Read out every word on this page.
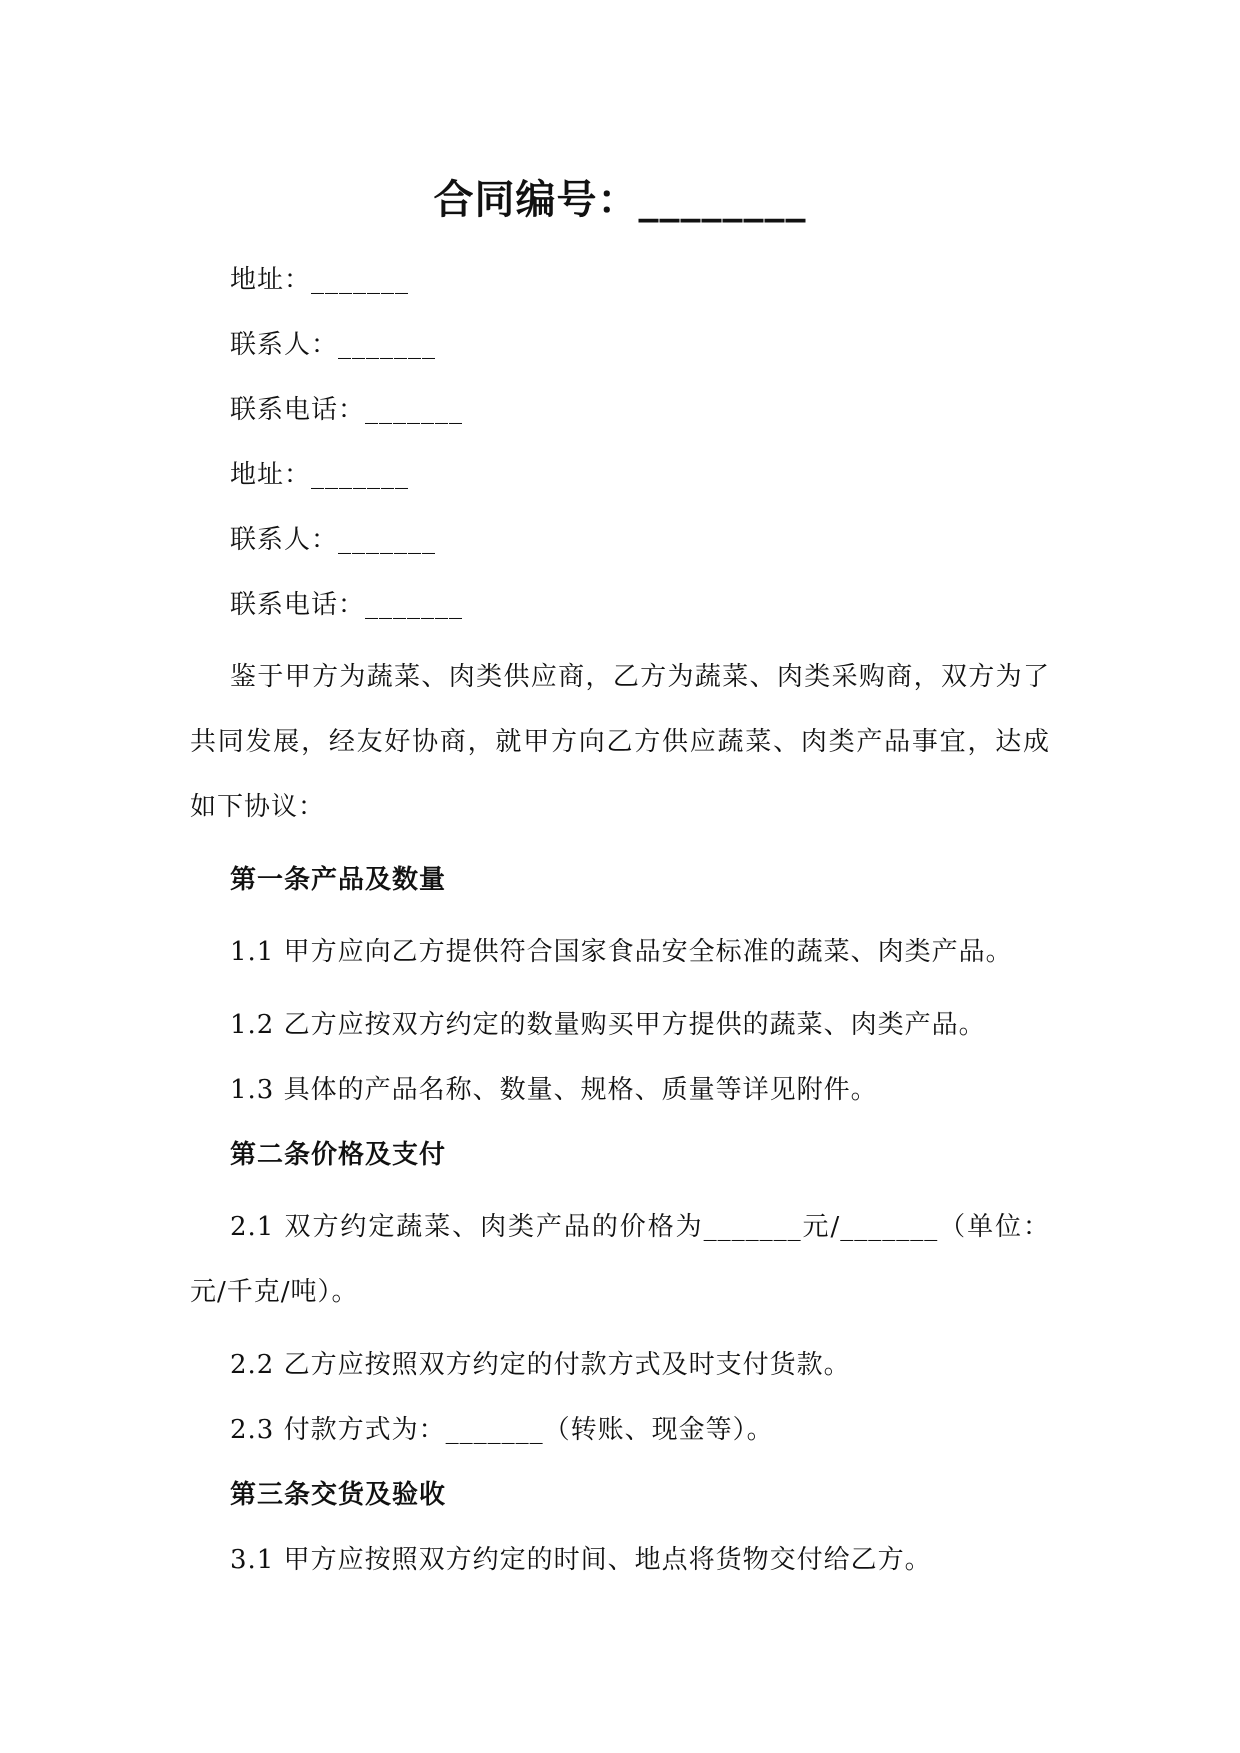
合同编号：________

地址：_______

联系人：_______

联系电话：_______

地址：_______

联系人：_______

联系电话：_______

鉴于甲方为蔬菜、肉类供应商，乙方为蔬菜、肉类采购商，双方为了共同发展，经友好协商，就甲方向乙方供应蔬菜、肉类产品事宜，达成如下协议：

第一条产品及数量

1.1 甲方应向乙方提供符合国家食品安全标准的蔬菜、肉类产品。

1.2 乙方应按双方约定的数量购买甲方提供的蔬菜、肉类产品。

1.3 具体的产品名称、数量、规格、质量等详见附件。

第二条价格及支付

2.1 双方约定蔬菜、肉类产品的价格为_______元/_______（单位：元/千克/吨）。

2.2 乙方应按照双方约定的付款方式及时支付货款。

2.3 付款方式为：_______（转账、现金等）。

第三条交货及验收

3.1 甲方应按照双方约定的时间、地点将货物交付给乙方。
